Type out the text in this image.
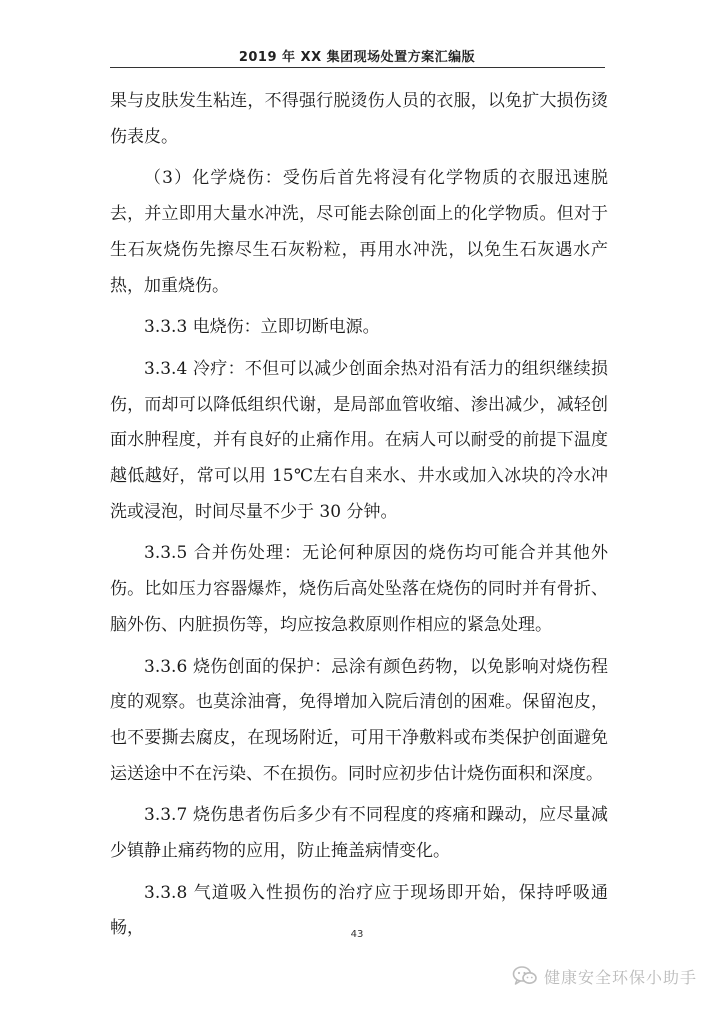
2019 年 XX 集团现场处置方案汇编版

果与皮肤发生粘连，不得强行脱烫伤人员的衣服，以免扩大损伤烫伤表皮。

（3）化学烧伤：受伤后首先将浸有化学物质的衣服迅速脱去，并立即用大量水冲洗，尽可能去除创面上的化学物质。但对于生石灰烧伤先擦尽生石灰粉粒，再用水冲洗，以免生石灰遇水产热，加重烧伤。

3.3.3 电烧伤：立即切断电源。

3.3.4 冷疗：不但可以减少创面余热对沿有活力的组织继续损伤，而却可以降低组织代谢，是局部血管收缩、渗出减少，减轻创面水肿程度，并有良好的止痛作用。在病人可以耐受的前提下温度越低越好，常可以用 15℃左右自来水、井水或加入冰块的冷水冲洗或浸泡，时间尽量不少于 30 分钟。

3.3.5 合并伤处理：无论何种原因的烧伤均可能合并其他外伤。比如压力容器爆炸，烧伤后高处坠落在烧伤的同时并有骨折、脑外伤、内脏损伤等，均应按急救原则作相应的紧急处理。

3.3.6 烧伤创面的保护：忌涂有颜色药物，以免影响对烧伤程度的观察。也莫涂油膏，免得增加入院后清创的困难。保留泡皮，也不要撕去腐皮，在现场附近，可用干净敷料或布类保护创面避免运送途中不在污染、不在损伤。同时应初步估计烧伤面积和深度。

3.3.7 烧伤患者伤后多少有不同程度的疼痛和躁动，应尽量减少镇静止痛药物的应用，防止掩盖病情变化。

3.3.8 气道吸入性损伤的治疗应于现场即开始，保持呼吸通畅，	43
健康安全环保小助手
